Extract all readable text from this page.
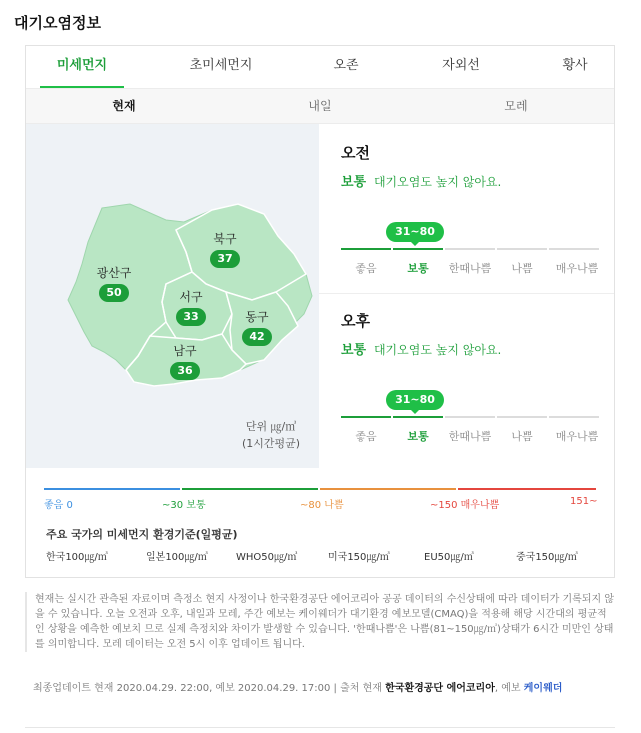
대기오염정보
미세먼지	초미세먼지	오존	자외선	황사
현재	내일	모레
광산구
50
북구
37
서구
33	동구
42
남구
36
단위 ㎍/㎥
(1시간평균)
오전
보통 대기오염도 높지 않아요.
31~80
좋음	보통	한때나쁨	나쁨	매우나쁨
오후
보통 대기오염도 높지 않아요.
31~80
좋음	보통	한때나쁨	나쁨	매우나쁨
좋음 0	~30 보통	~80 나쁨	~150 매우나쁨	151~
주요 국가의 미세먼지 환경기준(일평균)
한국100㎍/㎥	일본100㎍/㎥	WHO50㎍/㎥	미국150㎍/㎥	EU50㎍/㎥	중국150㎍/㎥
현재는 실시간 관측된 자료이며 측정소 현지 사정이나 한국환경공단 에어코리아 공공 데이터의 수신상태에 따라 데이터가 기록되지 않을 수 있습니다. 오늘 오전과 오후, 내일과 모레, 주간 예보는 케이웨더가 대기환경 예보모델(CMAQ)을 적용해 해당 시간대의 평균적인 상황을 예측한 예보치 므로 실제 측정치와 차이가 발생할 수 있습니다. '한때나쁨'은 나쁨(81~150㎍/㎥)상태가 6시간 미만인 상태를 의미합니다. 모레 데이터는 오전 5시 이후 업데이트 됩니다.
최종업데이트 현재 2020.04.29. 22:00, 예보 2020.04.29. 17:00 | 출처 현재 한국환경공단 에어코리아, 예보 케이웨더
